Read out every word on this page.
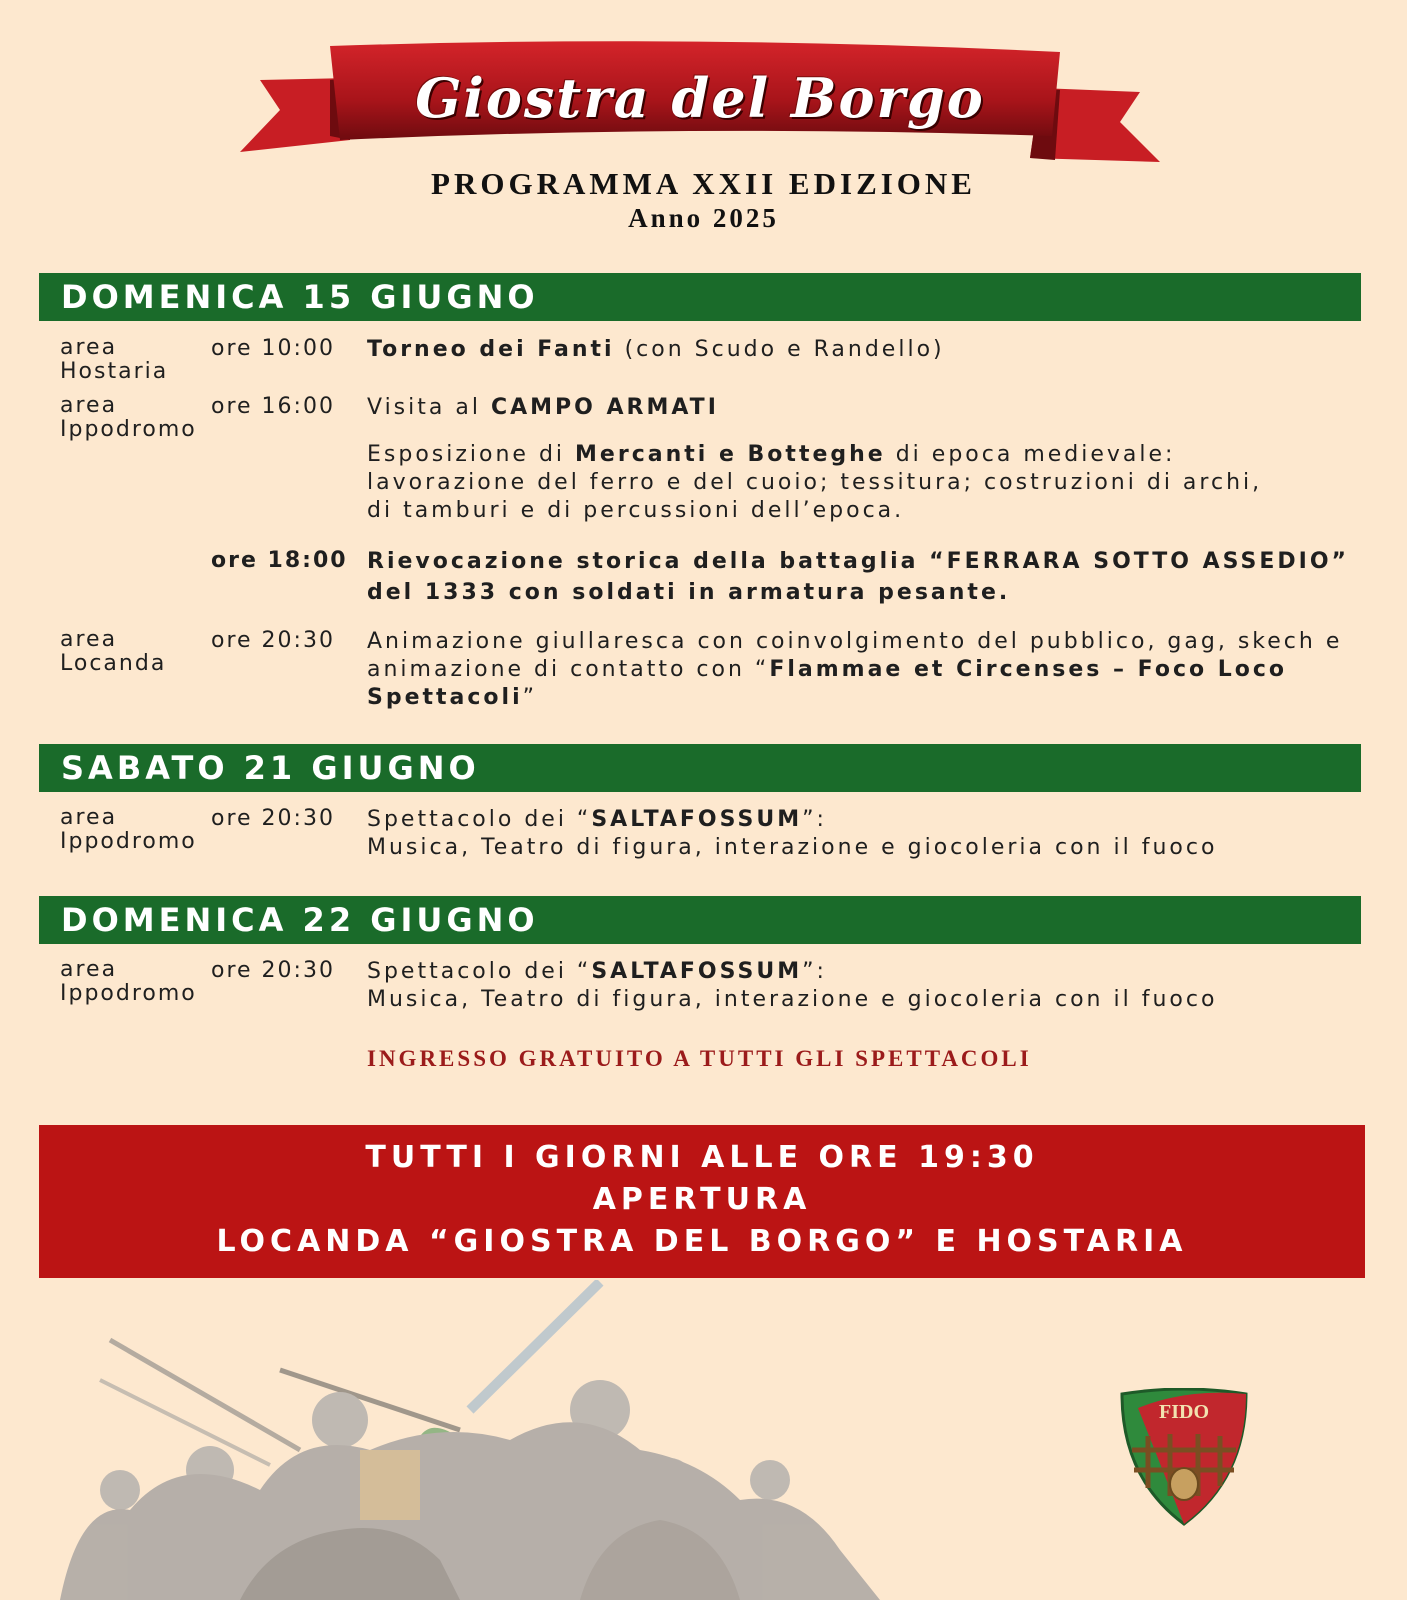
Giostra del Borgo
PROGRAMMA XXII EDIZIONE
Anno 2025
DOMENICA 15 GIUGNO
area
Hostaria
ore 10:00 Torneo dei Fanti (con Scudo e Randello)
area
Ippodromo
ore 16:00 Visita al CAMPO ARMATI
Esposizione di Mercanti e Botteghe di epoca medievale:
lavorazione del ferro e del cuoio; tessitura; costruzioni di archi,
di tamburi e di percussioni dell’epoca.
ore 18:00 Rievocazione storica della battaglia “FERRARA SOTTO ASSEDIO”
del 1333 con soldati in armatura pesante.
area
Locanda
ore 20:30 Animazione giullaresca con coinvolgimento del pubblico, gag, skech e
animazione di contatto con “Flammae et Circenses – Foco Loco
Spettacoli”
SABATO 21 GIUGNO
area
Ippodromo
ore 20:30 Spettacolo dei “SALTAFOSSUM”:
Musica, Teatro di figura, interazione e giocoleria con il fuoco
DOMENICA 22 GIUGNO
area
Ippodromo
ore 20:30 Spettacolo dei “SALTAFOSSUM”:
Musica, Teatro di figura, interazione e giocoleria con il fuoco
INGRESSO GRATUITO A TUTTI GLI SPETTACOLI
TUTTI I GIORNI ALLE ORE 19:30
APERTURA
LOCANDA “GIOSTRA DEL BORGO” E HOSTARIA
FIDO
